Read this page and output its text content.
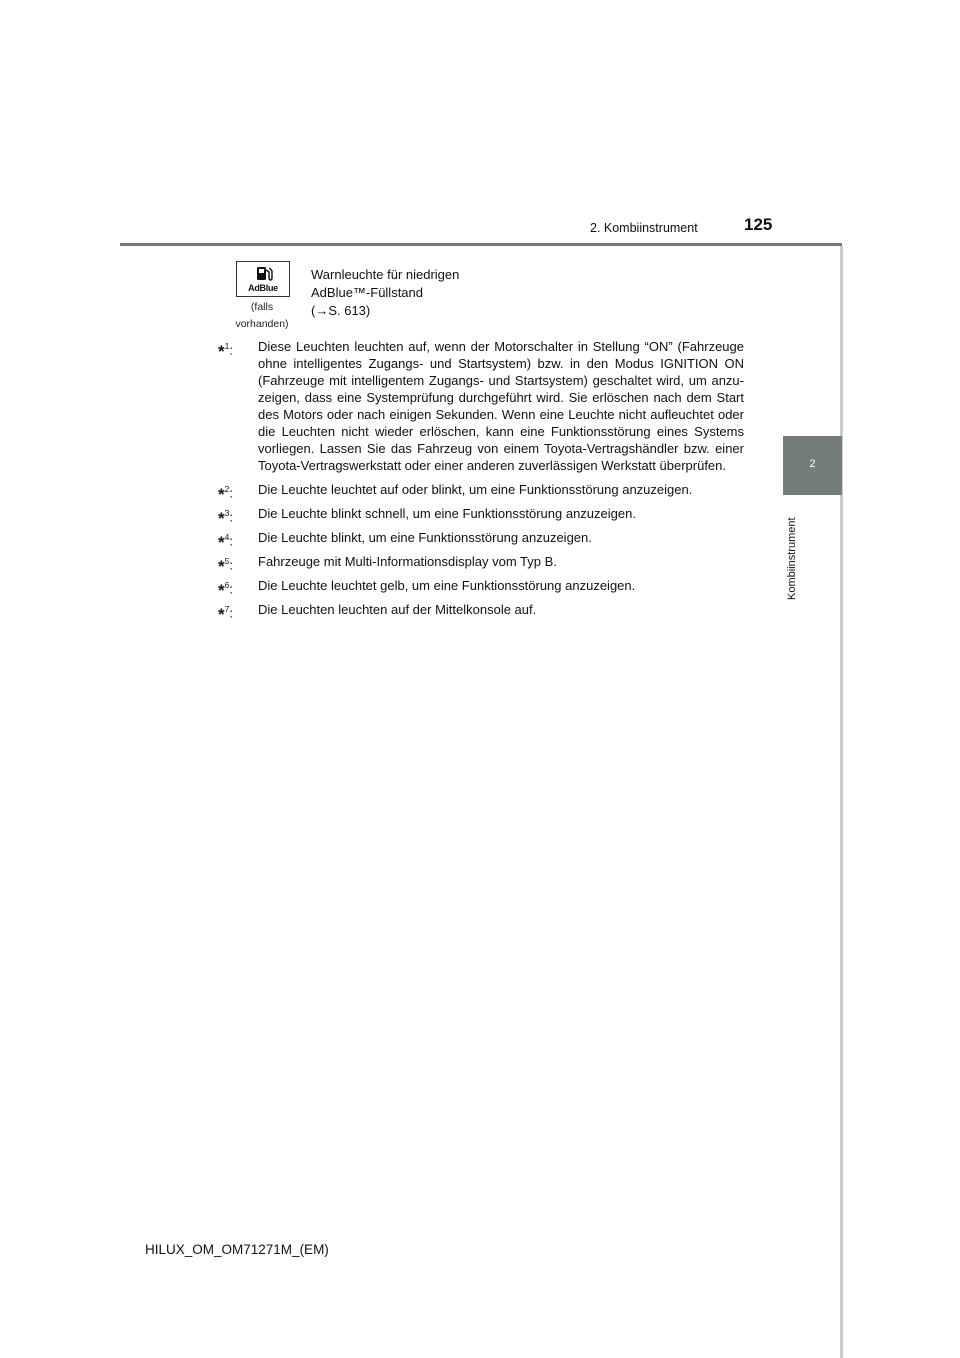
2. Kombiinstrument	125
2
Kombiinstrument
AdBlue
(falls
vorhanden)
Warnleuchte für niedrigen
AdBlue™-Füllstand
(→S. 613)
*$^1$: Diese Leuchten leuchten auf, wenn der Motorschalter in Stellung “ON” (Fahrzeuge ohne intelligentes Zugangs- und Startsystem) bzw. in den Modus IGNITION ON (Fahrzeuge mit intelligentem Zugangs- und Startsystem) geschaltet wird, um anzu- zeigen, dass eine Systemprüfung durchgeführt wird. Sie erlöschen nach dem Start des Motors oder nach einigen Sekunden. Wenn eine Leuchte nicht aufleuchtet oder die Leuchten nicht wieder erlöschen, kann eine Funktionsstörung eines Systems vorliegen. Lassen Sie das Fahrzeug von einem Toyota-Vertragshändler bzw. einer Toyota-Vertragswerkstatt oder einer anderen zuverlässigen Werkstatt überprüfen.
*$^2$: Die Leuchte leuchtet auf oder blinkt, um eine Funktionsstörung anzuzeigen.
*$^3$: Die Leuchte blinkt schnell, um eine Funktionsstörung anzuzeigen.
*$^4$: Die Leuchte blinkt, um eine Funktionsstörung anzuzeigen.
*$^5$: Fahrzeuge mit Multi-Informationsdisplay vom Typ B.
*$^6$: Die Leuchte leuchtet gelb, um eine Funktionsstörung anzuzeigen.
*$^7$: Die Leuchten leuchten auf der Mittelkonsole auf.
HILUX_OM_OM71271M_(EM)
